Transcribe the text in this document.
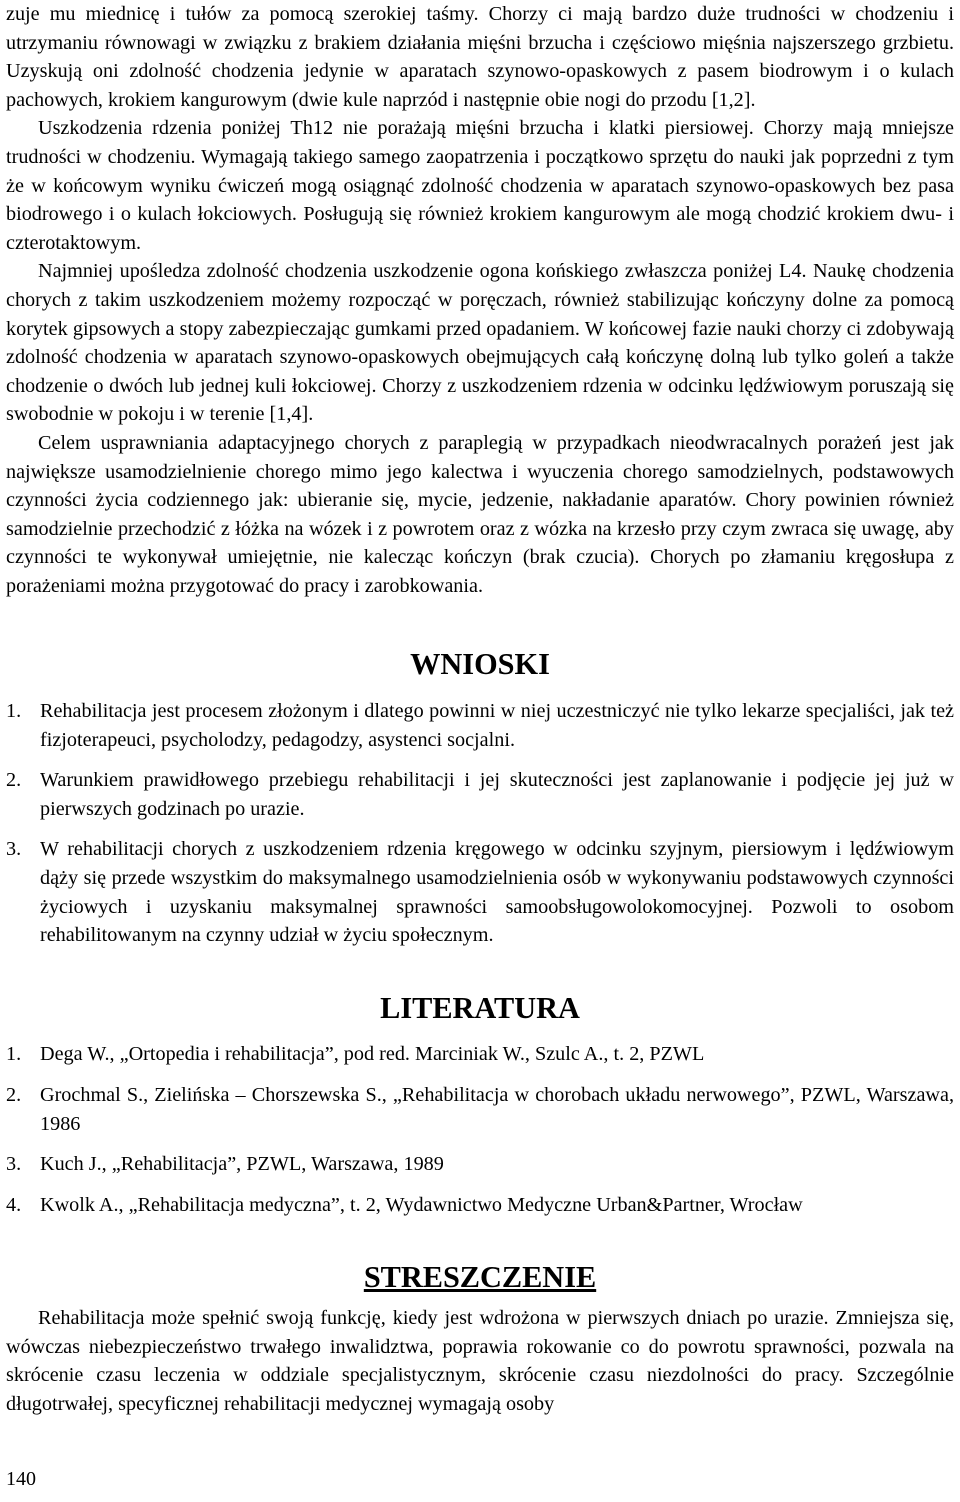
zuje mu miednicę i tułów za pomocą szerokiej taśmy. Chorzy ci mają bardzo duże trudności w chodzeniu i utrzymaniu równowagi w związku z brakiem działania mięśni brzucha i częściowo mięśnia najszerszego grzbietu. Uzyskują oni zdolność chodzenia jedynie w aparatach szynowo-opaskowych z pasem biodrowym i o kulach pachowych, krokiem kangurowym (dwie kule naprzód i następnie obie nogi do przodu [1,2].

Uszkodzenia rdzenia poniżej Th12 nie porażają mięśni brzucha i klatki piersiowej. Chorzy mają mniejsze trudności w chodzeniu. Wymagają takiego samego zaopatrzenia i początkowo sprzętu do nauki jak poprzedni z tym że w końcowym wyniku ćwiczeń mogą osiągnąć zdolność chodzenia w aparatach szynowo-opaskowych bez pasa biodrowego i o kulach łokciowych. Posługują się również krokiem kangurowym ale mogą chodzić krokiem dwu- i czterotaktowym.

Najmniej upośledza zdolność chodzenia uszkodzenie ogona końskiego zwłaszcza poniżej L4. Naukę chodzenia chorych z takim uszkodzeniem możemy rozpocząć w poręczach, również stabilizując kończyny dolne za pomocą korytek gipsowych a stopy zabezpieczając gumkami przed opadaniem. W końcowej fazie nauki chorzy ci zdobywają zdolność chodzenia w aparatach szynowo-opaskowych obejmujących całą kończynę dolną lub tylko goleń a także chodzenie o dwóch lub jednej kuli łokciowej. Chorzy z uszkodzeniem rdzenia w odcinku lędźwiowym poruszają się swobodnie w pokoju i w terenie [1,4].

Celem usprawniania adaptacyjnego chorych z paraplegią w przypadkach nieodwracalnych porażeń jest jak największe usamodzielnienie chorego mimo jego kalectwa i wyuczenia chorego samodzielnych, podstawowych czynności życia codziennego jak: ubieranie się, mycie, jedzenie, nakładanie aparatów. Chory powinien również samodzielnie przechodzić z łóżka na wózek i z powrotem oraz z wózka na krzesło przy czym zwraca się uwagę, aby czynności te wykonywał umiejętnie, nie kalecząc kończyn (brak czucia). Chorych po złamaniu kręgosłupa z porażeniami można przygotować do pracy i zarobkowania.

WNIOSKI
1. Rehabilitacja jest procesem złożonym i dlatego powinni w niej uczestniczyć nie tylko lekarze specjaliści, jak też fizjoterapeuci, psycholodzy, pedagodzy, asystenci socjalni.
2. Warunkiem prawidłowego przebiegu rehabilitacji i jej skuteczności jest zaplanowanie i podjęcie jej już w pierwszych godzinach po urazie.
3. W rehabilitacji chorych z uszkodzeniem rdzenia kręgowego w odcinku szyjnym, piersiowym i lędźwiowym dąży się przede wszystkim do maksymalnego usamodzielnienia osób w wykonywaniu podstawowych czynności życiowych i uzyskaniu maksymalnej sprawności samoobsługowolokomocyjnej. Pozwoli to osobom rehabilitowanym na czynny udział w życiu społecznym.
LITERATURA
1. Dega W., „Ortopedia i rehabilitacja”, pod red. Marciniak W., Szulc A., t. 2, PZWL
2. Grochmal S., Zielińska – Chorszewska S., „Rehabilitacja w chorobach układu nerwowego”, PZWL, Warszawa, 1986
3. Kuch J., „Rehabilitacja”, PZWL, Warszawa, 1989
4. Kwolk A., „Rehabilitacja medyczna”, t. 2, Wydawnictwo Medyczne Urban&Partner, Wrocław
STRESZCZENIE

Rehabilitacja może spełnić swoją funkcję, kiedy jest wdrożona w pierwszych dniach po urazie. Zmniejsza się, wówczas niebezpieczeństwo trwałego inwalidztwa, poprawia rokowanie co do powrotu sprawności, pozwala na skrócenie czasu leczenia w oddziale specjalistycznym, skrócenie czasu niezdolności do pracy. Szczególnie długotrwałej, specyficznej rehabilitacji medycznej wymagają osoby

140
